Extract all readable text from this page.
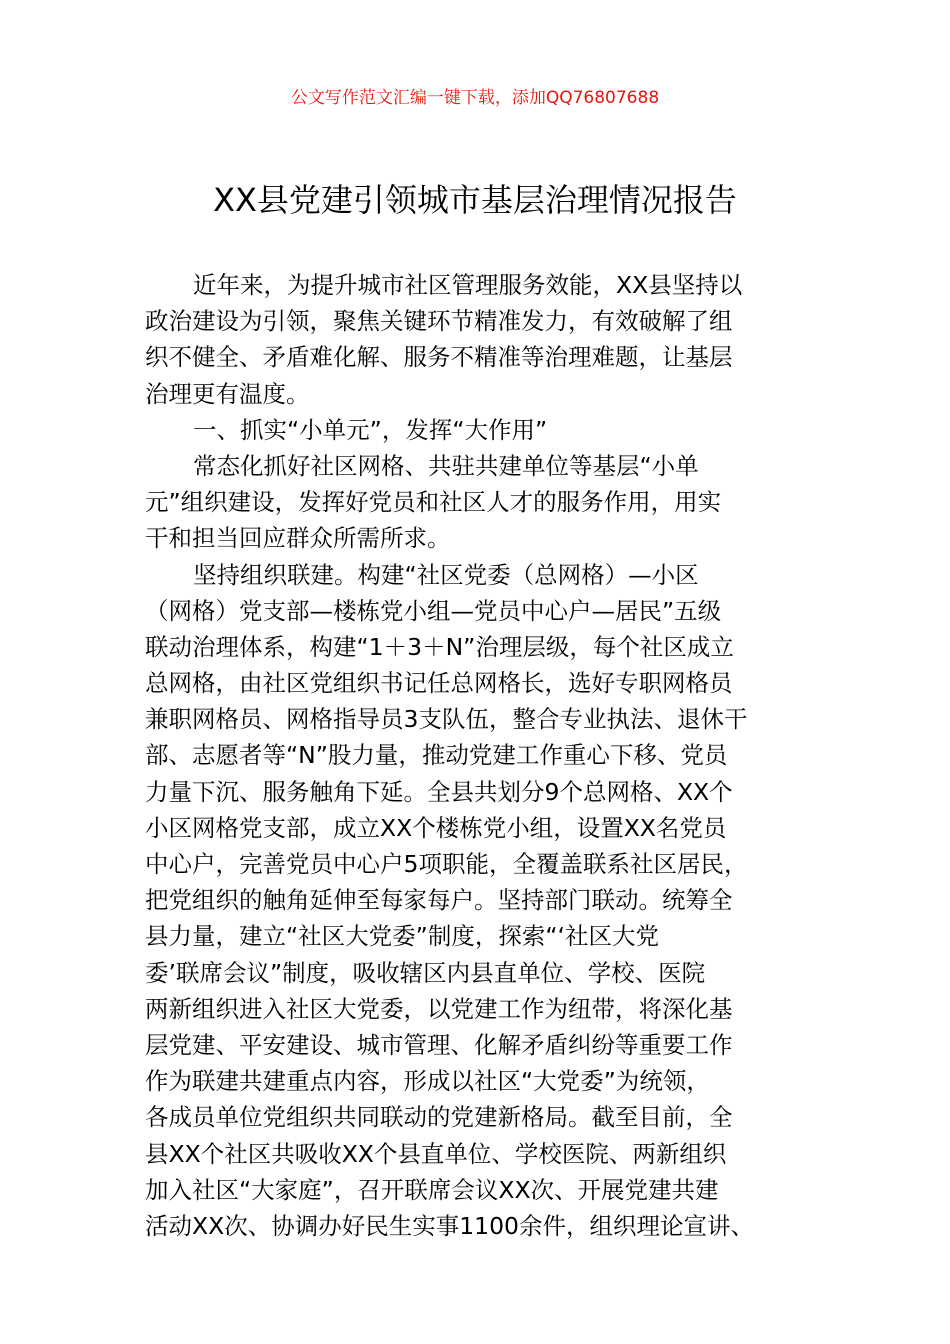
公文写作范文汇编一键下载，添加QQ76807688
XX县党建引领城市基层治理情况报告
近年来，为提升城市社区管理服务效能，XX县坚持以
政治建设为引领，聚焦关键环节精准发力，有效破解了组
织不健全、矛盾难化解、服务不精准等治理难题，让基层
治理更有温度。
一、抓实“小单元”，发挥“大作用”
常态化抓好社区网格、共驻共建单位等基层“小单
元”组织建设，发挥好党员和社区人才的服务作用，用实
干和担当回应群众所需所求。
坚持组织联建。构建“社区党委（总网格）—小区
（网格）党支部—楼栋党小组—党员中心户—居民”五级
联动治理体系，构建“1＋3＋N”治理层级，每个社区成立
总网格，由社区党组织书记任总网格长，选好专职网格员
兼职网格员、网格指导员3支队伍，整合专业执法、退休干
部、志愿者等“N”股力量，推动党建工作重心下移、党员
力量下沉、服务触角下延。全县共划分9个总网格、XX个
小区网格党支部，成立XX个楼栋党小组，设置XX名党员
中心户，完善党员中心户5项职能，全覆盖联系社区居民，
把党组织的触角延伸至每家每户。坚持部门联动。统筹全
县力量，建立“社区大党委”制度，探索“‘社区大党
委’联席会议”制度，吸收辖区内县直单位、学校、医院
两新组织进入社区大党委，以党建工作为纽带，将深化基
层党建、平安建设、城市管理、化解矛盾纠纷等重要工作
作为联建共建重点内容，形成以社区“大党委”为统领，
各成员单位党组织共同联动的党建新格局。截至目前，全
县XX个社区共吸收XX个县直单位、学校医院、两新组织
加入社区“大家庭”，召开联席会议XX次、开展党建共建
活动XX次、协调办好民生实事1100余件，组织理论宣讲、
